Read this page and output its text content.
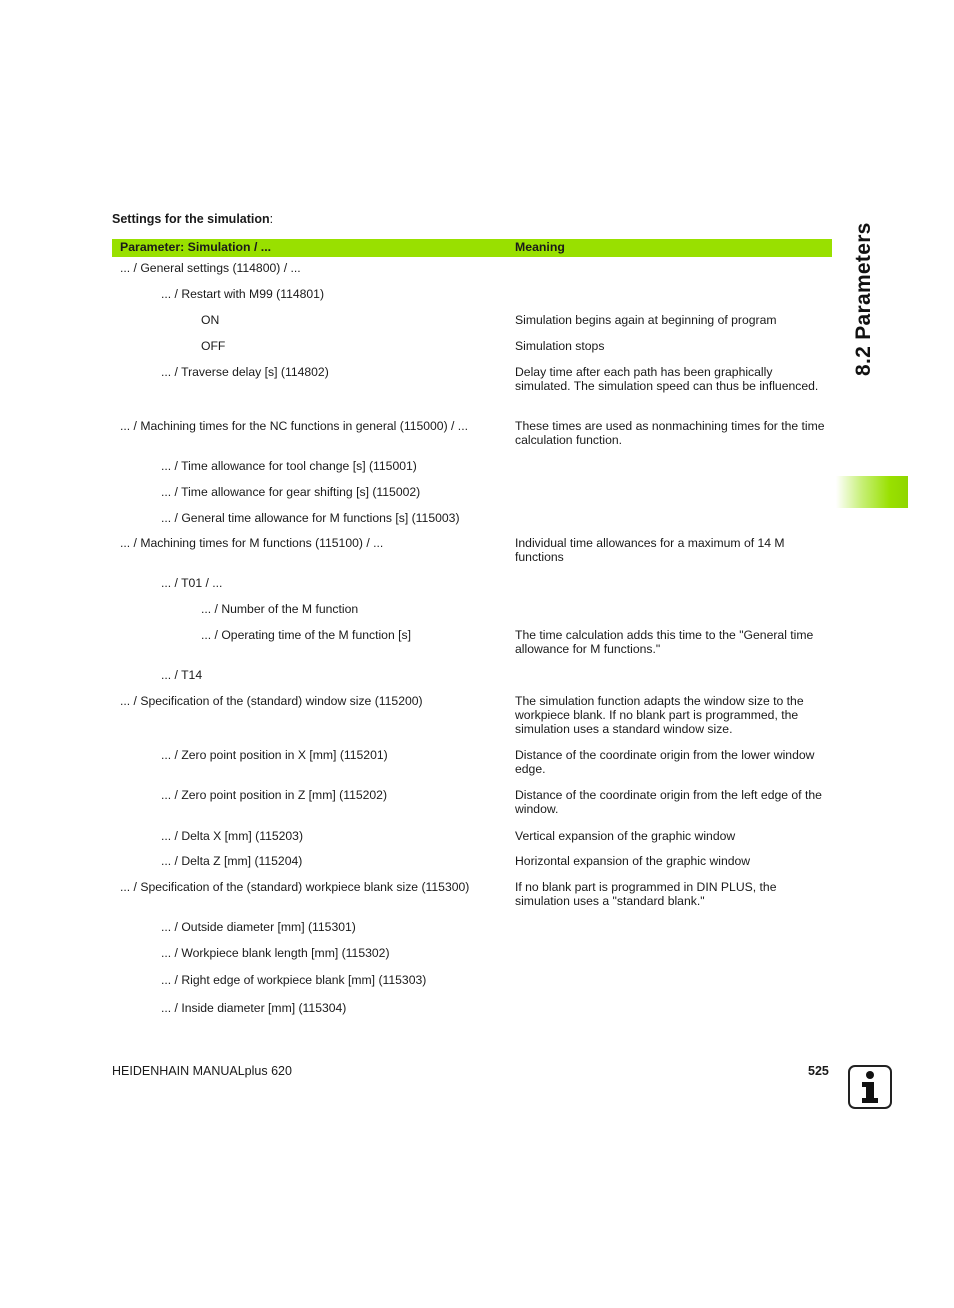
Settings for the simulation:
Parameter: Simulation / ...	Meaning
... / General settings (114800) / ...
... / Restart with M99 (114801)
ON	Simulation begins again at beginning of program
OFF	Simulation stops
... / Traverse delay [s] (114802)	Delay time after each path has been graphically simulated. The simulation speed can thus be influenced.
... / Machining times for the NC functions in general (115000) / ...	These times are used as nonmachining times for the time calculation function.
... / Time allowance for tool change [s] (115001)
... / Time allowance for gear shifting [s] (115002)
... / General time allowance for M functions [s] (115003)
... / Machining times for M functions (115100) / ...	Individual time allowances for a maximum of 14 M functions
... / T01 / ...
... / Number of the M function
... / Operating time of the M function [s]	The time calculation adds this time to the "General time allowance for M functions."
... / T14
... / Specification of the (standard) window size (115200)	The simulation function adapts the window size to the workpiece blank. If no blank part is programmed, the simulation uses a standard window size.
... / Zero point position in X [mm] (115201)	Distance of the coordinate origin from the lower window edge.
... / Zero point position in Z [mm] (115202)	Distance of the coordinate origin from the left edge of the window.
... / Delta X [mm] (115203)	Vertical expansion of the graphic window
... / Delta Z [mm] (115204)	Horizontal expansion of the graphic window
... / Specification of the (standard) workpiece blank size (115300)	If no blank part is programmed in DIN PLUS, the simulation uses a "standard blank."
... / Outside diameter [mm] (115301)
... / Workpiece blank length [mm] (115302)
... / Right edge of workpiece blank [mm] (115303)
... / Inside diameter [mm] (115304)
8.2 Parameters
HEIDENHAIN MANUALplus 620	525
